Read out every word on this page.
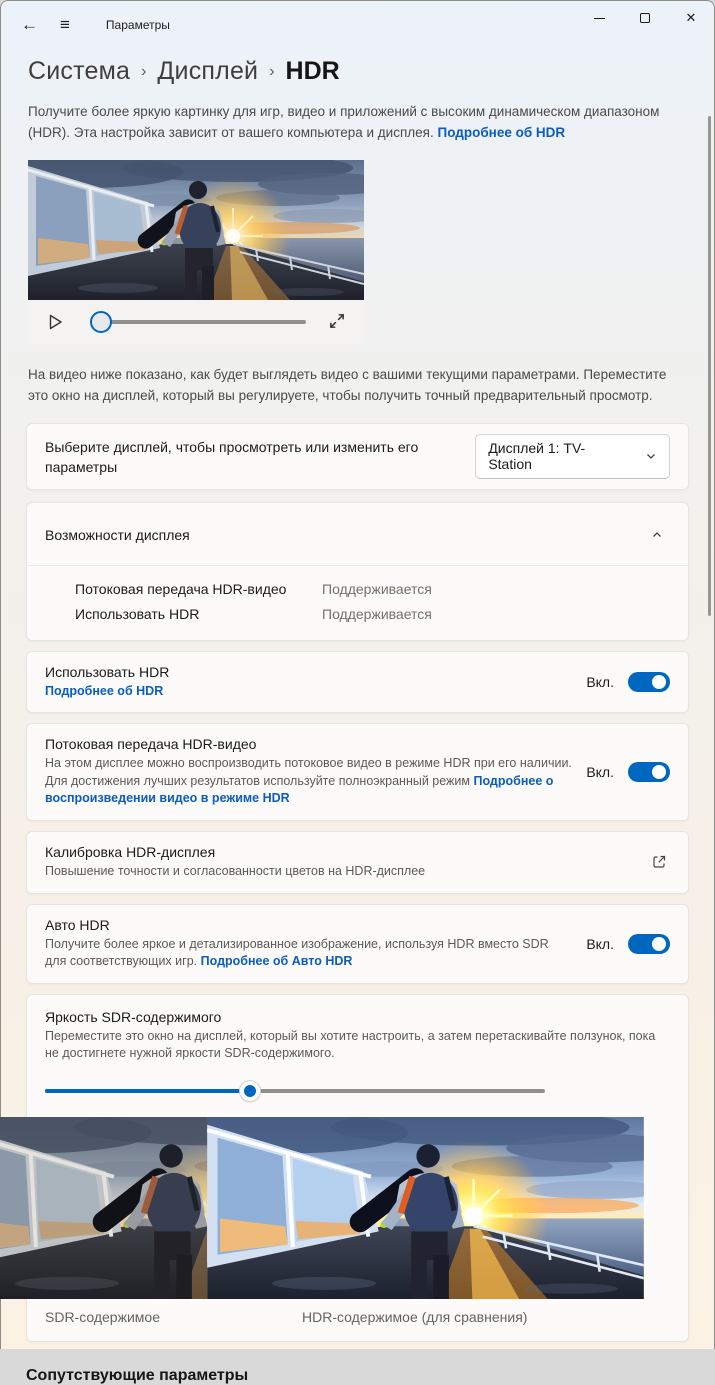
← ≡	Параметры	✕
Система › Дисплей › HDR
Получите более яркую картинку для игр, видео и приложений с высоким динамическом диапазоном (HDR). Эта настройка зависит от вашего компьютера и дисплея. Подробнее об HDR
На видео ниже показано, как будет выглядеть видео с вашими текущими параметрами. Переместите это окно на дисплей, который вы регулируете, чтобы получить точный предварительный просмотр.
Выберите дисплей, чтобы просмотреть или изменить его параметры
Дисплей 1: TV-Station
Возможности дисплея
Потоковая передача HDR-видео	Поддерживается
Использовать HDR	Поддерживается
Использовать HDR
Подробнее об HDR
Вкл.
Потоковая передача HDR-видео
На этом дисплее можно воспроизводить потоковое видео в режиме HDR при его наличии. Для достижения лучших результатов используйте полноэкранный режим Подробнее о воспроизведении видео в режиме HDR
Вкл.
Калибровка HDR-дисплея
Повышение точности и согласованности цветов на HDR-дисплее
Авто HDR
Получите более яркое и детализированное изображение, используя HDR вместо SDR для соответствующих игр. Подробнее об Авто HDR
Вкл.
Яркость SDR-содержимого
Переместите это окно на дисплей, который вы хотите настроить, а затем перетаскивайте ползунок, пока не достигнете нужной яркости SDR-содержимого.
SDR-содержимое	HDR-содержимое (для сравнения)
Сопутствующие параметры
